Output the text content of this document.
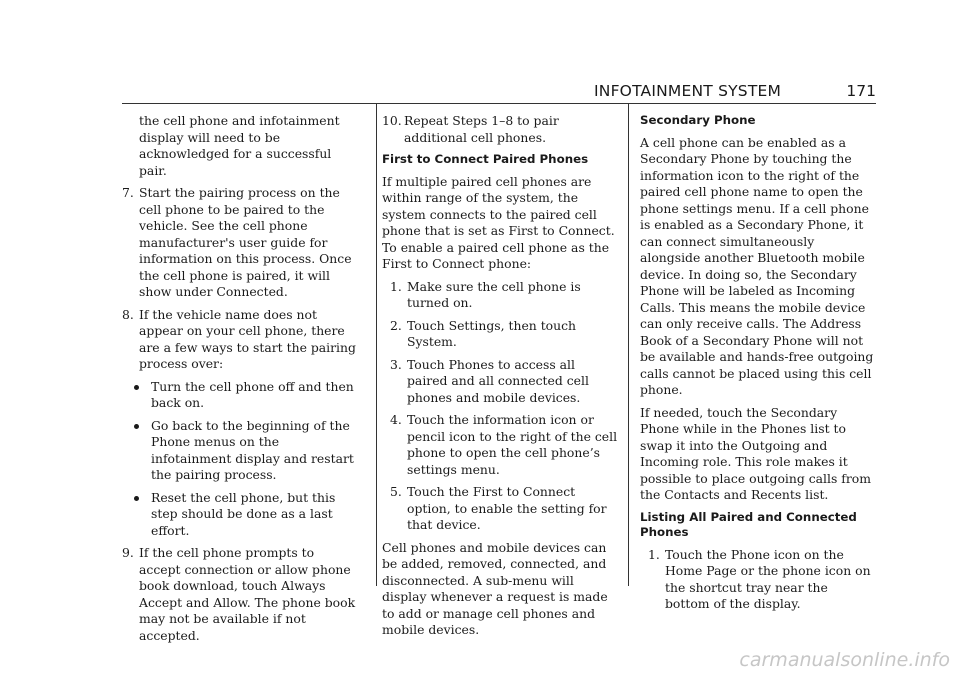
INFOTAINMENT SYSTEM	171

the cell phone and infotainment display will need to be acknowledged for a successful pair.

7. Start the pairing process on the cell phone to be paired to the vehicle. See the cell phone manufacturer's user guide for information on this process. Once the cell phone is paired, it will show under Connected.
8. If the vehicle name does not appear on your cell phone, there are a few ways to start the pairing process over:
Turn the cell phone off and then back on.
Go back to the beginning of the Phone menus on the infotainment display and restart the pairing process.
Reset the cell phone, but this step should be done as a last effort.
9. If the cell phone prompts to accept connection or allow phone book download, touch Always Accept and Allow. The phone book may not be available if not accepted.
10. Repeat Steps 1–8 to pair additional cell phones.
First to Connect Paired Phones

If multiple paired cell phones are within range of the system, the system connects to the paired cell phone that is set as First to Connect. To enable a paired cell phone as the First to Connect phone:

1. Make sure the cell phone is turned on.
2. Touch Settings, then touch System.
3. Touch Phones to access all paired and all connected cell phones and mobile devices.
4. Touch the information icon or pencil icon to the right of the cell phone to open the cell phone’s settings menu.
5. Touch the First to Connect option, to enable the setting for that device.

Cell phones and mobile devices can be added, removed, connected, and disconnected. A sub-menu will display whenever a request is made to add or manage cell phones and mobile devices.

Secondary Phone

A cell phone can be enabled as a Secondary Phone by touching the information icon to the right of the paired cell phone name to open the phone settings menu. If a cell phone is enabled as a Secondary Phone, it can connect simultaneously alongside another Bluetooth mobile device. In doing so, the Secondary Phone will be labeled as Incoming Calls. This means the mobile device can only receive calls. The Address Book of a Secondary Phone will not be available and hands-free outgoing calls cannot be placed using this cell phone.

If needed, touch the Secondary Phone while in the Phones list to swap it into the Outgoing and Incoming role. This role makes it possible to place outgoing calls from the Contacts and Recents list.

Listing All Paired and Connected Phones
1. Touch the Phone icon on the Home Page or the phone icon on the shortcut tray near the bottom of the display.
carmanualsonline.info
